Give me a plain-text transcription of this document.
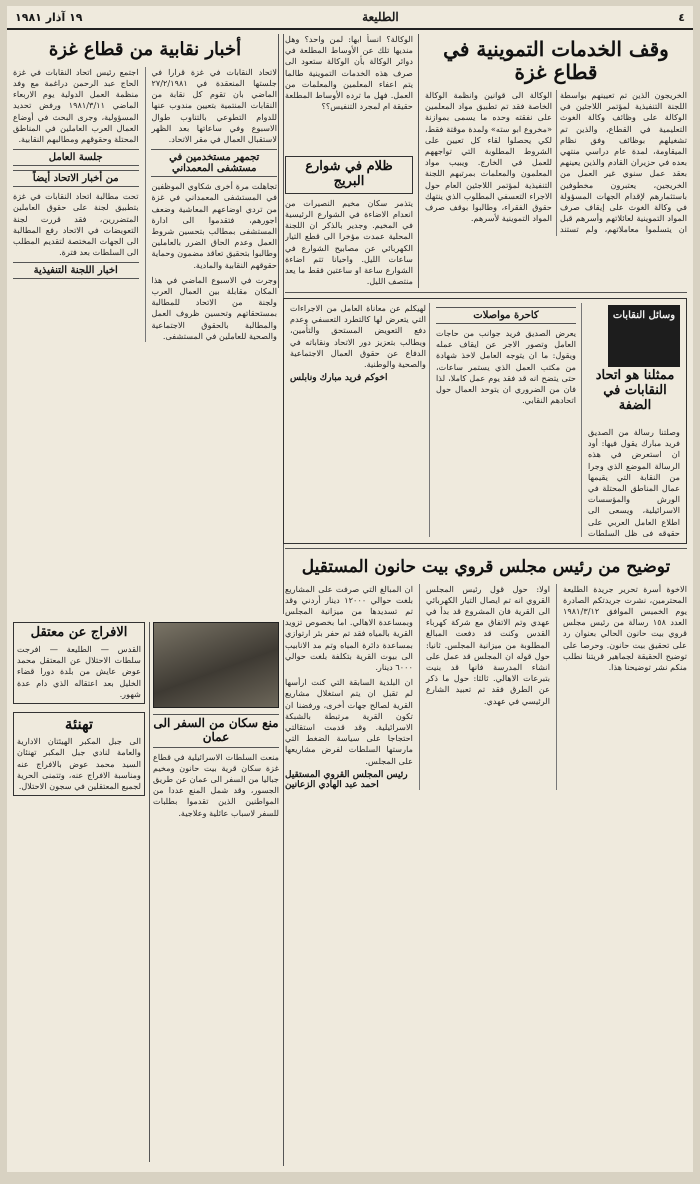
٤
الطليعة
١٩ آذار ١٩٨١
وقف الخدمات التموينية في قطاع غزة

الخريجون الذين تم تعيينهم بواسطة اللجنة التنفيذية لمؤتمر اللاجئين في الوكالة على وظائف وكالة الغوث التعليمية في القطاع، والذين تم تشغيلهم بوظائف وفق نظام الميقاومة، لمدة عام دراسي منتهي بعده في حزيران القادم والذين يعينهم بعقد عمل سنوي غير العمل من الخريجين، يعتبرون مخطوفين باستثمارهم لإقدام الجهات المسؤولة في وكالة الغوث على إيقاف صرف المواد التموينية لعائلاتهم وأسرهم قبل ان يتسلموا معاملاتهم، ولم تستند الوكالة الى قوانين وانظمة الوكالة الخاصة فقد تم تطبيق مواد المعلمين على نفقته وحده ما يسمى بموازنة «مخروع ابو سته» ولمدة موقتة فقط، لكي يحصلوا لقاء كل تعيين على الشروط المطلوبة التي تواجههم للعمل في الخارج. ويبيب مواد المعلمون والمعلمات بمرتبهم اللجنة التنفيذية لمؤتمر اللاجئين العام حول الاجراء التعسفي المطلوب الذي ينتهك حقوق الفقراء، وطالبوا بوقف صرف المواد التموينية لأسرهم.

الوكالة؟ انسأ ابها: لمن واحد؟ وهل منديها تلك عن الأوساط المطلعة في دوائر الوكالة بأن الوكالة ستعود الى صرف هذه الخدمات التموينية طالما يتم اعفاء المعلمين والمعلمات من العمل. فهل ما ترده الأوساط المطلعة حقيقة ام لمجرد التنفيس؟؟

ظلام في شوارع البريج

يتذمر سكان مخيم النصيرات من انعدام الاضاءة في الشوارع الرئيسية في المخيم. وجدير بالذكر ان اللجنة المحلية عمدت مؤخرا الى قطع التيار الكهربائي عن مصابيح الشوارع في ساعات الليل. واحيانا تتم اضاءة الشوارع ساعة او ساعتين فقط ما يعد منتصف الليل.

أخبار نقابية من قطاع غزة

لاتحاد النقابات في غزة قرارا في جلستها المنعقدة في ٢٧/٢/١٩٨١ الماضي بان تقوم كل نقابة من النقابات المنتمية بتعيين مندوب عنها للدوام التطوعي بالتناوب طوال الاسبوع وفي ساعاتها بعد الظهر لاستقبال العمال في مقر الاتحاد.

تجمهر مستخدمين في مستشفى المعمداني

تجاهلت مرة أخرى شكاوي الموظفين في المستشفى المعمداني في غزة من تردي اوضاعهم المعاشية وضعف اجورهم، فتقدموا الى ادارة المستشفى بمطالب بتحسين شروط العمل وعدم الحاق الضرر بالعاملين وطالبوا بتحقيق تعاقد مضمون وحماية حقوقهم النقابية والمادية.

وجرت في الاسبوع الماضي في هذا المكان مقابلة بين العمال العرب ولجنة من الاتحاد للمطالبة بمستحقاتهم وتحسين ظروف العمل والمطالبة بالحقوق الاجتماعية والصحية للعاملين في المستشفى.

اجتمع رئيس اتحاد النقابات في غزة الحاج عبد الرحمن دراغمة مع وفد منظمة العمل الدولية يوم الاربعاء الماضي ١٩٨١/٣/١١ ورفض تحديد المسؤولية، وجرى البحث في أوضاع العمال العرب العاملين في المناطق المحتلة وحقوقهم ومطالبهم النقابية.

جلسة العامل
من أخبار الاتحاد أيضاً

تحت مطالبة اتحاد النقابات في غزة بتطبيق لجنة على حقوق العاملين المتضررين، فقد قررت لجنة التعويضات في الاتحاد رفع المطالبة الى الجهات المختصة لتقديم المطلب الى السلطات بعد فترة.

اخبار اللجنة التنفيذية
وسائل النقابات
ممثلنا هو اتحاد النقابات في الضفة

وصلتنا رسالة من الصديق فريد مبارك يقول فيها: أود ان استعرض في هذه الرسالة الموضع الذي وجرا من النقابة التي يقيمها عمال المناطق المحتلة في الورش والمؤسسات الاسرائيلية، ويسعى الى اطلاع العامل العربي على حقوقه في ظل السلطات

كاحرة مواصلات

يعرض الصديق فريد جوانب من حاجات العامل وتصور الاجر عن ايقاف عمله ويقول: ما ان يتوجه العامل لاخذ شهادة من مكتب العمل الذي يستمر ساعات، حتى يتضح انه قد فقد يوم عمل كاملا، لذا فان من الضروري ان يتوحد العمال حول اتحادهم النقابي.

لهيكلم عن معاناة العامل من الاجراءات التي يتعرض لها كالتطرد التعسفي وعدم دفع التعويض المستحق والتأمين، ويطالب بتعزيز دور الاتحاد ونقاباته في الدفاع عن حقوق العمال الاجتماعية والصحية والوطنية.

اخوكم فريد مبارك ونابلس
توضيح من رئيس مجلس قروي بيت حانون المستقيل

الاخوة أسرة تحرير جريدة الطليعة المحترمين، نشرت جريدتكم الصادرة يوم الخميس الموافق ١٩٨١/٣/١٢ العدد ١٥٨ رسالة من رئيس مجلس قروي بيت حانون الحالي بعنوان رد على تحقيق بيت حانون. وحرصا على توضيح الحقيقة لجماهير قريتنا نطلب منكم نشر توضيحنا هذا.

اولا: حول قول رئيس المجلس القروي انه تم ايصال التيار الكهربائي الى القرية فان المشروع قد بدأ في عهدي وتم الاتفاق مع شركة كهرباء القدس وكنت قد دفعت المبالغ المطلوبة من ميزانية المجلس. ثانيا: حول قوله ان المجلس قد عمل على انشاء المدرسة فانها قد بنيت بتبرعات الاهالي. ثالثا: حول ما ذكر عن الطرق فقد تم تعبيد الشارع الرئيسي في عهدي.

ان المبالغ التي صرفت على المشاريع بلغت حوالي ١٢٠٠٠ دينار أردني وقد تم تسديدها من ميزانية المجلس وبمساعدة الاهالي. اما بخصوص تزويد القرية بالمياه فقد تم حفر بئر ارتوازي بمساعدة دائرة المياه وتم مد الانابيب الى بيوت القرية بتكلفة بلغت حوالي ٦٠٠٠ دينار.

ان البلدية السابقة التي كنت ارأسها لم تقبل ان يتم استغلال مشاريع القرية لصالح جهات أخرى، ورفضنا ان تكون القرية مرتبطة بالشبكة الاسرائيلية. وقد قدمت استقالتي احتجاجا على سياسة الضغط التي مارستها السلطات لفرض مشاريعها على المجلس.

رئيس المجلس القروي المستقيل احمد عبد الهادي الزعانين
الافراج عن معتقل

القدس — الطليعة — افرجت سلطات الاحتلال عن المعتقل محمد عوض عايش من بلدة دورا قضاء الخليل بعد اعتقاله الذي دام عدة شهور.

تهنئة

الى جبل المكبر الهيئتان الادارية والعامة لنادي جبل المكبر تهنئان السيد محمد عوض بالافراج عنه ومناسبة الافراج عنه، وتتمنى الحرية لجميع المعتقلين في سجون الاحتلال.

منع سكان من السفر الى عمان

منعت السلطات الاسرائيلية في قطاع غزة سكان قرية بيت حانون ومخيم جباليا من السفر الى عمان عن طريق الجسور، وقد شمل المنع عددا من المواطنين الذين تقدموا بطلبات للسفر لاسباب عائلية وعلاجية.
